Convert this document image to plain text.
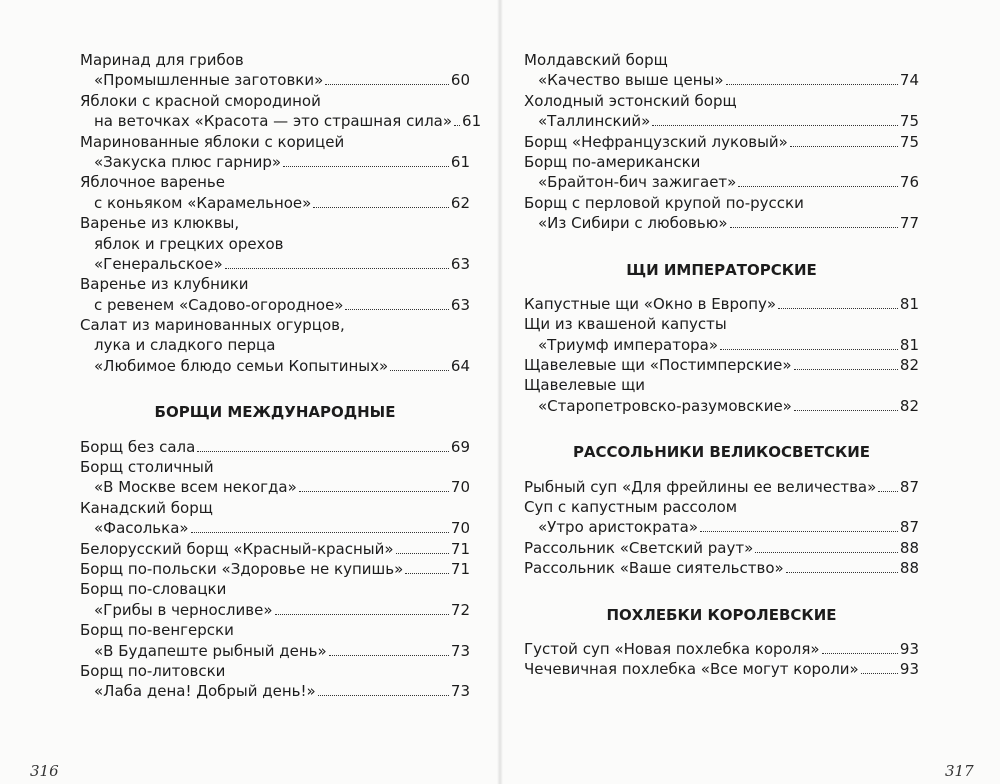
Маринад для грибов
«Промышленные заготовки»	60
Яблоки с красной смородиной
на веточках «Красота — это страшная сила» 61
Маринованные яблоки с корицей
«Закуска плюс гарнир»	61
Яблочное варенье
с коньяком «Карамельное»	62
Варенье из клюквы,
яблок и грецких орехов
«Генеральское»	63
Варенье из клубники
с ревенем «Садово-огородное»	63
Салат из маринованных огурцов,
лука и сладкого перца
«Любимое блюдо семьи Копытиных»	64
БОРЩИ МЕЖДУНАРОДНЫЕ
Борщ без сала	69
Борщ столичный
«В Москве всем некогда»	70
Канадский борщ
«Фасолька»	70
Белорусский борщ «Красный-красный»	71
Борщ по-польски «Здоровье не купишь»	71
Борщ по-словацки
«Грибы в черносливе»	72
Борщ по-венгерски
«В Будапеште рыбный день»	73
Борщ по-литовски
«Лаба дена! Добрый день!»	73
Молдавский борщ
«Качество выше цены»	74
Холодный эстонский борщ
«Таллинский»	75
Борщ «Нефранцузский луковый»	75
Борщ по-американски
«Брайтон-бич зажигает»	76
Борщ с перловой крупой по-русски
«Из Сибири с любовью»	77
ЩИ ИМПЕРАТОРСКИЕ
Капустные щи «Окно в Европу»	81
Щи из квашеной капусты
«Триумф императора»	81
Щавелевые щи «Постимперские»	82
Щавелевые щи
«Старопетровско-разумовские»	82
РАССОЛЬНИКИ ВЕЛИКОСВЕТСКИЕ
Рыбный суп «Для фрейлины ее величества» 87
Суп с капустным рассолом
«Утро аристократа»	87
Рассольник «Светский раут»	88
Рассольник «Ваше сиятельство»	88
ПОХЛЕБКИ КОРОЛЕВСКИЕ
Густой суп «Новая похлебка короля»	93
Чечевичная похлебка «Все могут короли»	93
316	317
